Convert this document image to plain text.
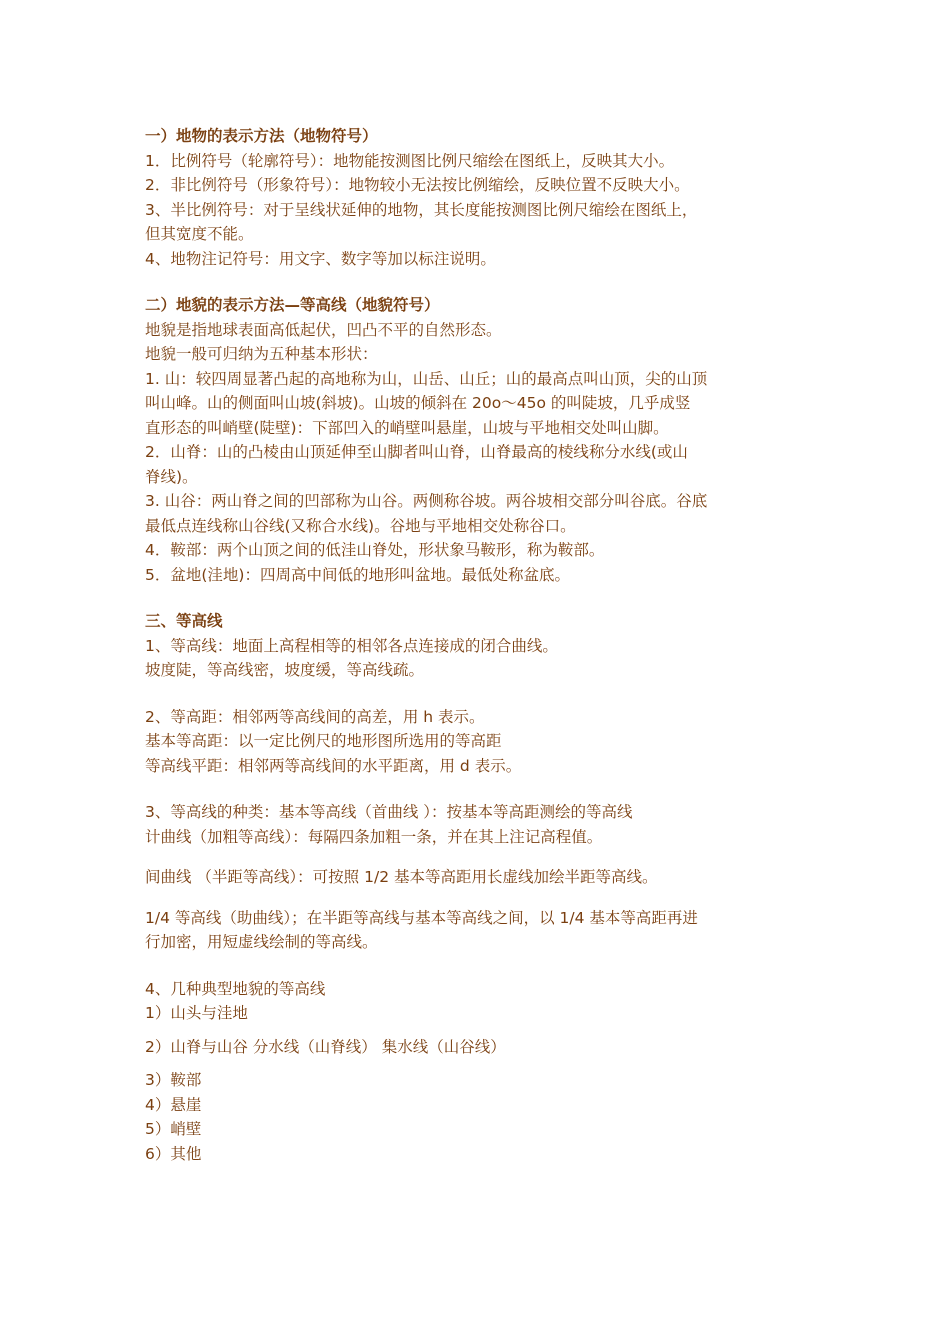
一）地物的表示方法（地物符号）
1．比例符号（轮廓符号）：地物能按测图比例尺缩绘在图纸上，反映其大小。
2．非比例符号（形象符号）：地物较小无法按比例缩绘，反映位置不反映大小。
3、半比例符号：对于呈线状延伸的地物，其长度能按测图比例尺缩绘在图纸上，
但其宽度不能。
4、地物注记符号：用文字、数字等加以标注说明。
二）地貌的表示方法—等高线（地貌符号）
地貌是指地球表面高低起伏，凹凸不平的自然形态。
地貌一般可归纳为五种基本形状：
1. 山：较四周显著凸起的高地称为山，山岳、山丘；山的最高点叫山顶，尖的山顶
叫山峰。山的侧面叫山坡(斜坡)。山坡的倾斜在 20o～45o 的叫陡坡，几乎成竖
直形态的叫峭壁(陡壁)：下部凹入的峭壁叫悬崖，山坡与平地相交处叫山脚。
2．山脊：山的凸棱由山顶延伸至山脚者叫山脊，山脊最高的棱线称分水线(或山
脊线)。
3. 山谷：两山脊之间的凹部称为山谷。两侧称谷坡。两谷坡相交部分叫谷底。谷底
最低点连线称山谷线(又称合水线)。谷地与平地相交处称谷口。
4．鞍部：两个山顶之间的低洼山脊处，形状象马鞍形，称为鞍部。
5．盆地(洼地)：四周高中间低的地形叫盆地。最低处称盆底。
三、等高线
1、等高线：地面上高程相等的相邻各点连接成的闭合曲线。
坡度陡，等高线密，坡度缓，等高线疏。
2、等高距：相邻两等高线间的高差，用 h 表示。
基本等高距：以一定比例尺的地形图所选用的等高距
等高线平距：相邻两等高线间的水平距离，用 d 表示。
3、等高线的种类：基本等高线（首曲线 ）：按基本等高距测绘的等高线
计曲线（加粗等高线）：每隔四条加粗一条，并在其上注记高程值。
间曲线 （半距等高线）：可按照 1/2 基本等高距用长虚线加绘半距等高线。
1/4 等高线（助曲线）；在半距等高线与基本等高线之间，以 1/4 基本等高距再进
行加密，用短虚线绘制的等高线。
4、几种典型地貌的等高线
1）山头与洼地
2）山脊与山谷 分水线（山脊线） 集水线（山谷线）
3）鞍部
4）悬崖
5）峭壁
6）其他
